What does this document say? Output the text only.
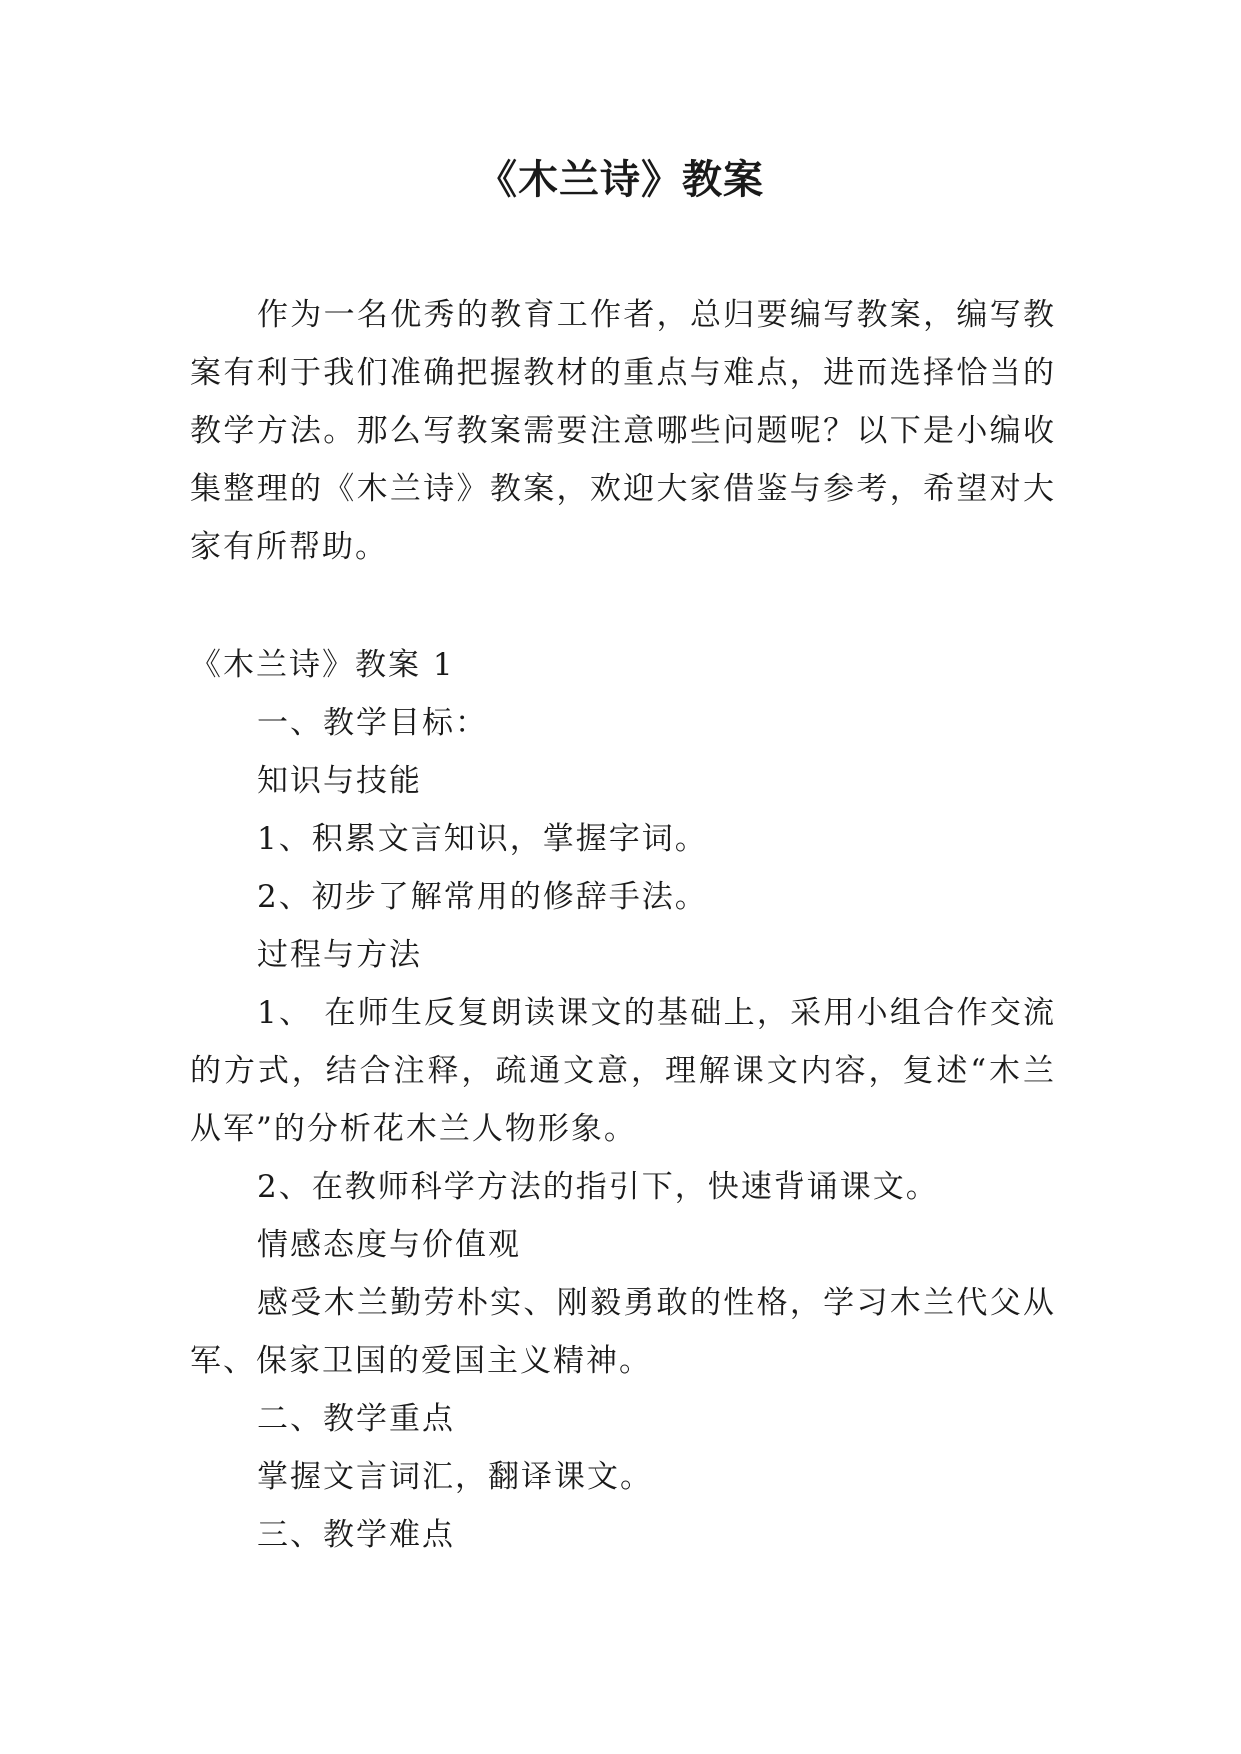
《木兰诗》教案

作为一名优秀的教育工作者，总归要编写教案，编写教案有利于我们准确把握教材的重点与难点，进而选择恰当的教学方法。那么写教案需要注意哪些问题呢？以下是小编收集整理的《木兰诗》教案，欢迎大家借鉴与参考，希望对大家有所帮助。

《木兰诗》教案 1

一、教学目标：

知识与技能

1、积累文言知识，掌握字词。

2、初步了解常用的修辞手法。

过程与方法

1、 在师生反复朗读课文的基础上，采用小组合作交流的方式，结合注释，疏通文意，理解课文内容，复述“木兰从军”的分析花木兰人物形象。

2、在教师科学方法的指引下，快速背诵课文。

情感态度与价值观

感受木兰勤劳朴实、刚毅勇敢的性格，学习木兰代父从军、保家卫国的爱国主义精神。

二、教学重点

掌握文言词汇，翻译课文。

三、教学难点
